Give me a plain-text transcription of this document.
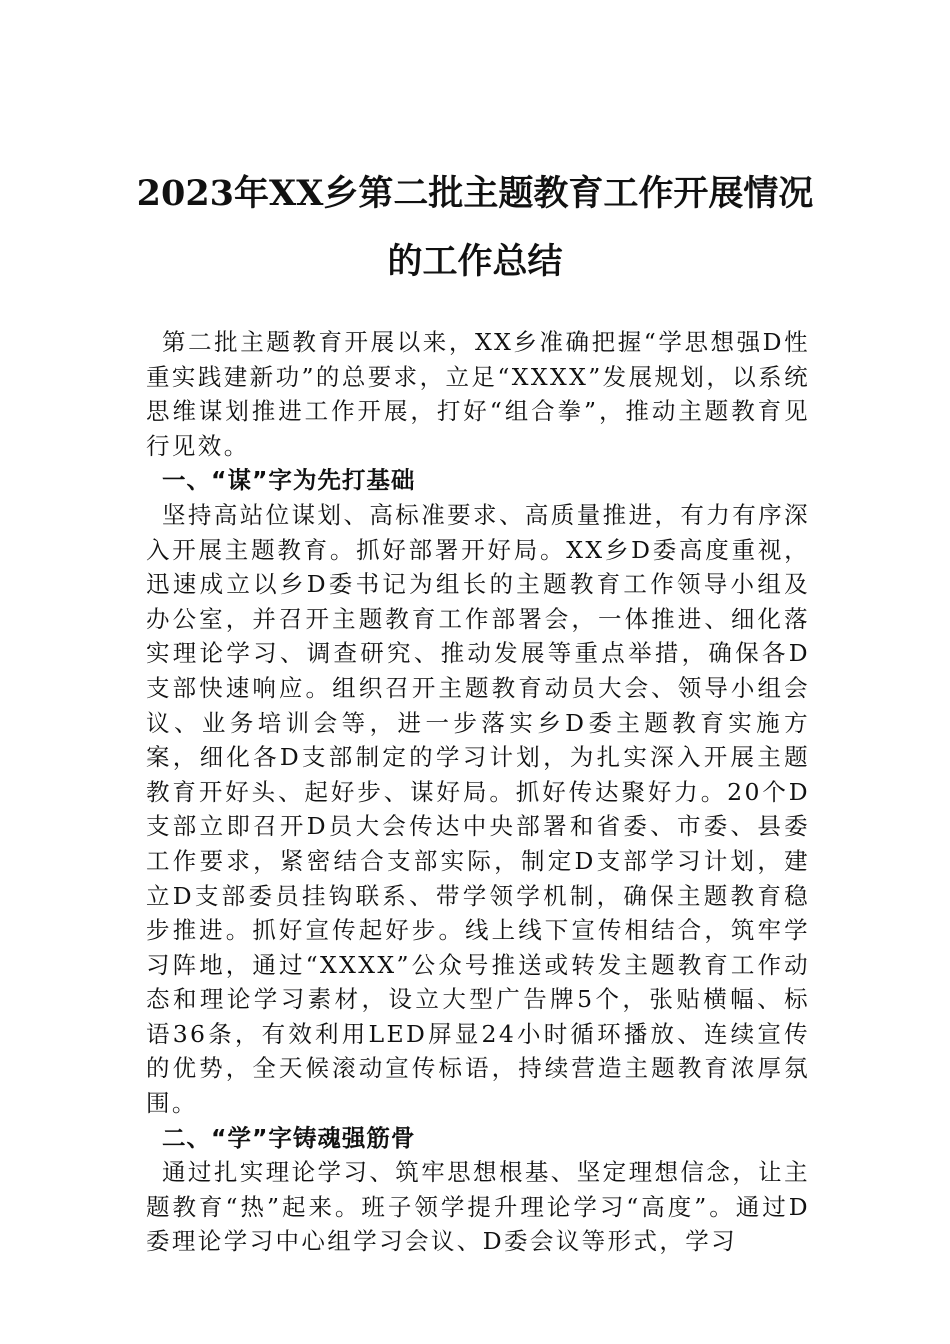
2023年XX乡第二批主题教育工作开展情况的工作总结

第二批主题教育开展以来，XX乡准确把握“学思想强D性重实践建新功”的总要求，立足“XXXX”发展规划，以系统思维谋划推进工作开展，打好“组合拳”，推动主题教育见行见效。

一、“谋”字为先打基础

坚持高站位谋划、高标准要求、高质量推进，有力有序深入开展主题教育。抓好部署开好局。XX乡D委高度重视，迅速成立以乡D委书记为组长的主题教育工作领导小组及办公室，并召开主题教育工作部署会，一体推进、细化落实理论学习、调查研究、推动发展等重点举措，确保各D支部快速响应。组织召开主题教育动员大会、领导小组会议、业务培训会等，进一步落实乡D委主题教育实施方案，细化各D支部制定的学习计划，为扎实深入开展主题教育开好头、起好步、谋好局。抓好传达聚好力。20个D支部立即召开D员大会传达中央部署和省委、市委、县委工作要求，紧密结合支部实际，制定D支部学习计划，建立D支部委员挂钩联系、带学领学机制，确保主题教育稳步推进。抓好宣传起好步。线上线下宣传相结合，筑牢学习阵地，通过“XXXX”公众号推送或转发主题教育工作动态和理论学习素材，设立大型广告牌5个，张贴横幅、标语36条，有效利用LED屏显24小时循环播放、连续宣传的优势，全天候滚动宣传标语，持续营造主题教育浓厚氛围。

二、“学”字铸魂强筋骨

通过扎实理论学习、筑牢思想根基、坚定理想信念，让主题教育“热”起来。班子领学提升理论学习“高度”。通过D委理论学习中心组学习会议、D委会议等形式，学习
